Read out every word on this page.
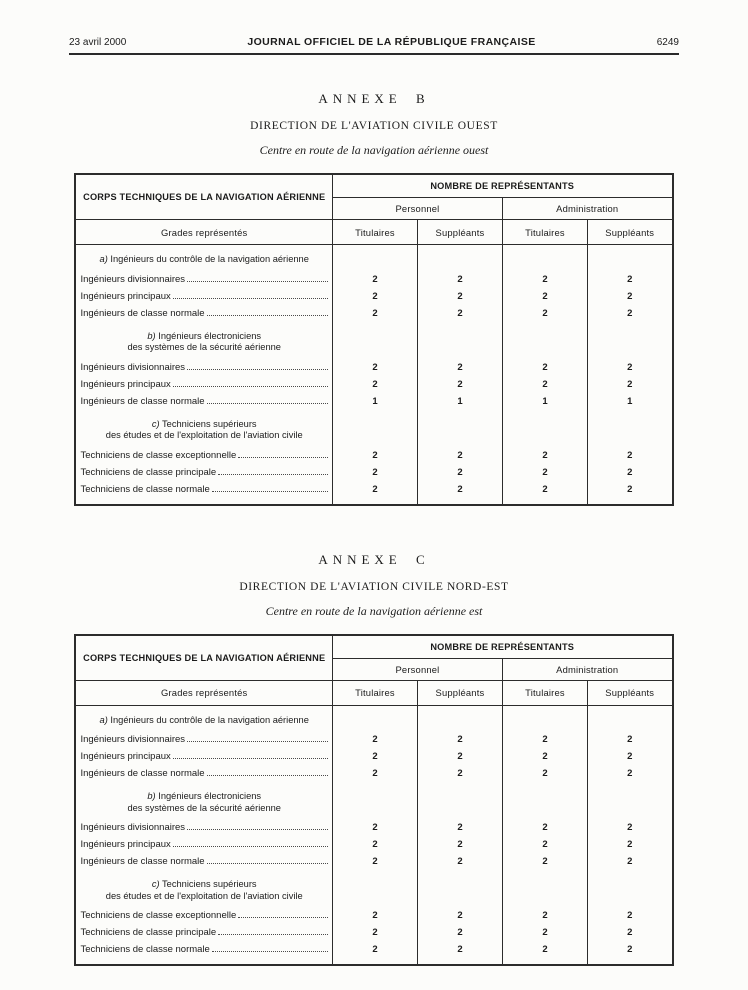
23 avril 2000	JOURNAL OFFICIEL DE LA RÉPUBLIQUE FRANÇAISE	6249
ANNEXE B
DIRECTION DE L'AVIATION CIVILE OUEST
Centre en route de la navigation aérienne ouest
CORPS TECHNIQUES DE LA NAVIGATION AÉRIENNE	NOMBRE DE REPRÉSENTANTS			
	Personnel		Administration	
Grades représentés	Titulaires	Suppléants	Titulaires	Suppléants

a) Ingénieurs du contrôle de la navigation aérienne				

Ingénieurs divisionnaires	2	2	2	2

Ingénieurs principaux	2	2	2	2

Ingénieurs de classe normale	2	2	2	2

b) Ingénieurs électroniciens
des systèmes de la sécurité aérienne				

Ingénieurs divisionnaires	2	2	2	2

Ingénieurs principaux	2	2	2	2

Ingénieurs de classe normale	1	1	1	1

c) Techniciens supérieurs
des études et de l'exploitation de l'aviation civile				

Techniciens de classe exceptionnelle	2	2	2	2

Techniciens de classe principale	2	2	2	2

Techniciens de classe normale	2	2	2	2

ANNEXE C
DIRECTION DE L'AVIATION CIVILE NORD-EST
Centre en route de la navigation aérienne est
CORPS TECHNIQUES DE LA NAVIGATION AÉRIENNE	NOMBRE DE REPRÉSENTANTS			
	Personnel		Administration	
Grades représentés	Titulaires	Suppléants	Titulaires	Suppléants

a) Ingénieurs du contrôle de la navigation aérienne				

Ingénieurs divisionnaires	2	2	2	2

Ingénieurs principaux	2	2	2	2

Ingénieurs de classe normale	2	2	2	2

b) Ingénieurs électroniciens
des systèmes de la sécurité aérienne				

Ingénieurs divisionnaires	2	2	2	2

Ingénieurs principaux	2	2	2	2

Ingénieurs de classe normale	2	2	2	2

c) Techniciens supérieurs
des études et de l'exploitation de l'aviation civile				

Techniciens de classe exceptionnelle	2	2	2	2

Techniciens de classe principale	2	2	2	2

Techniciens de classe normale	2	2	2	2
